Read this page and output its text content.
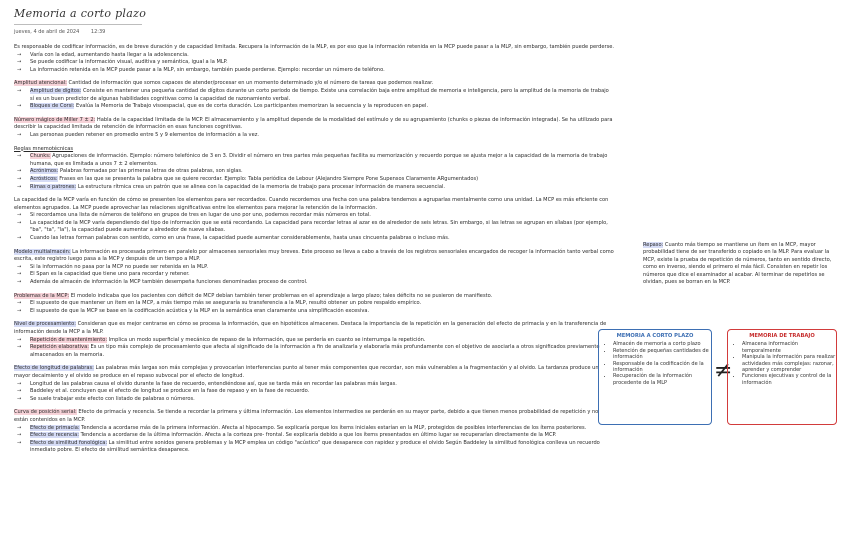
Memoria a corto plazo
jueves, 4 de abril de 2024 12:39
Es responsable de codificar información, es de breve duración y de capacidad limitada. Recupera la información de la MLP, es por eso que la información retenida en la MCP puede pasar a la MLP, sin embargo, también puede perderse.
→ Varía con la edad, aumentando hasta llegar a la adolescencia.
→ Se puede codificar la información visual, auditiva y semántica, igual a la MLP.
→ La información retenida en la MCP puede pasar a la MLP, sin embargo, también puede perderse. Ejemplo: recordar un número de teléfono.
Amplitud atencional: Cantidad de información que somos capaces de atender/procesar en un momento determinado y/o el número de tareas que podemos realizar.
→ Amplitud de dígitos: Consiste en mantener una pequeña cantidad de dígitos durante un corto periodo de tiempo. Existe una correlación baja entre amplitud de memoria e inteligencia, pero la amplitud de la memoria de trabajo sí es un buen predictor de algunas habilidades cognitivas como la capacidad de razonamiento verbal.
→ Bloques de Corsi: Evalúa la Memoria de Trabajo visoespacial, que es de corta duración. Los participantes memorizan la secuencia y la reproducen en papel.
Número mágico de Miller 7 ± 2: Habla de la capacidad limitada de la MCP. El almacenamiento y la amplitud depende de la modalidad del estímulo y de su agrupamiento (chunks o piezas de información integrada). Se ha utilizado para describir la capacidad limitada de retención de información en esas funciones cognitivas.
→ Las personas pueden retener en promedio entre 5 y 9 elementos de información a la vez.
Reglas mnemotécnicas
→ Chunks: Agrupaciones de información. Ejemplo: número telefónico de 3 en 3. Dividir el número en tres partes más pequeñas facilita su memorización y recuerdo porque se ajusta mejor a la capacidad de la memoria de trabajo humana, que es limitada a unos 7 ± 2 elementos.
→ Acrónimos: Palabras formadas por las primeras letras de otras palabras, son siglas.
→ Acrósticos: Frases en las que se presenta la palabra que se quiere recordar. Ejemplo: Tabla periódica de Lebour (Alejandro Siempre Pone Supensos Claramente ARgumentados)
→ Rimas o patrones: La estructura rítmica crea un patrón que se alinea con la capacidad de la memoria de trabajo para procesar información de manera secuencial.
La capacidad de la MCP varía en función de cómo se presenten los elementos para ser recordados. Cuando recordemos una fecha con una palabra tendemos a agruparlas mentalmente como una unidad. La MCP es más eficiente con elementos agrupados. La MCP puede aprovechar las relaciones significativas entre los elementos para mejorar la retención de la información.
→ Si recordamos una lista de números de teléfono en grupos de tres en lugar de uno por uno, podemos recordar más números en total.
→ La capacidad de la MCP varía dependiendo del tipo de información que se está recordando. La capacidad para recordar letras al azar es de alrededor de seis letras. Sin embargo, si las letras se agrupan en sílabas (por ejemplo, "ba", "ta", "la"), la capacidad puede aumentar a alrededor de nueve sílabas.
→ Cuando las letras forman palabras con sentido, como en una frase, la capacidad puede aumentar considerablemente, hasta unas cincuenta palabras o incluso más.
Modelo multialmacén: La información es procesada primero en paralelo por almacenes sensoriales muy breves. Este proceso se lleva a cabo a través de los registros sensoriales encargados de recoger la información tanto verbal como escrita, este registro luego pasa a la MCP y después de un tiempo a MLP.
→ Si la información no pasa por la MCP no puede ser retenida en la MLP.
→ El Span es la capacidad que tiene uno para recordar y retener.
→ Además de almacén de información la MCP también desempeña funciones denominadas proceso de control.
Problemas de la MCP: El modelo indicaba que los pacientes con déficit de MCP debían también tener problemas en el aprendizaje a largo plazo; tales déficits no se pusieron de manifiesto.
→ El supuesto de que mantener un ítem en la MCP, a más tiempo más se aseguraría su transferencia a la MLP, resultó obtener un pobre respaldo empírico.
→ El supuesto de que la MCP se base en la codificación acústica y la MLP en la semántica eran claramente una simplificación excesiva.
Nivel de procesamiento: Consideran que es mejor centrarse en cómo se procesa la información, que en hipotéticos almacenes. Destaca la importancia de la repetición en la generación del efecto de primacía y en la transferencia de información desde la MCP a la MLP.
→ Repetición de mantenimiento: Implica un modo superficial y mecánico de repaso de la información, que se perdería en cuanto se interrumpa la repetición.
→ Repetición elaborativa: Es un tipo más complejo de procesamiento que afecta al significado de la información a fin de analizarla y elaborarla más profundamente con el objetivo de asociarla a otros significados previamente almacenados en la memoria.
Efecto de longitud de palabras: Las palabras más largas son más complejas y provocarían interferencias punto al tener más componentes que recordar, son más vulnerables a la fragmentación y al olvido. La tardanza produce un mayor decaimiento y el olvido se produce en el repaso subvocal por el efecto de longitud.
→ Longitud de las palabras causa el olvido durante la fase de recuerdo, entendiéndose así, que se tarda más en recordar las palabras más largas.
→ Baddeley et al. concluyen que el efecto de longitud se produce en la fase de repaso y en la fase de recuerdo.
→ Se suele trabajar este efecto con listado de palabras o números.
Curva de posición serial: Efecto de primacía y recencia. Se tiende a recordar la primera y última información. Los elementos intermedios se perderán en su mayor parte, debido a que tienen menos probabilidad de repetición y no están contenidos en la MCP.
→ Efecto de primacía: Tendencia a acordarse más de la primera información. Afecta al hipocampo. Se explicaría porque los ítems iniciales estarían en la MLP, protegidos de posibles interferencias de los ítems posteriores.
→ Efecto de recencia: Tendencia a acordarse de la última información. Afecta a la corteza pre- frontal. Se explicaría debido a que los ítems presentados en último lugar se recuperarían directamente de la MCP.
→ Efecto de similitud fonológica: La similitud entre sonidos genera problemas y la MCP emplea un código "acústico" que desaparece con rapidez y produce el olvido Según Baddeley la similitud fonológica conlleva un recuerdo inmediato pobre. El efecto de similitud semántica desaparece.
Repaso: Cuanto más tiempo se mantiene un ítem en la MCP, mayor probabilidad tiene de ser transferido o copiado en la MLP. Para evaluar la MCP, existe la prueba de repetición de números, tanto en sentido directo, como en inverso, siendo el primero el más fácil. Consisten en repetir los números que dice el examinador al acabar. Al terminar de repetirlos se olvidan, pues se borran en la MCP.
MEMORIA A CORTO PLAZO
• Almacén de memoria a corto plazo
• Retención de pequeñas cantidades de información
• Responsable de la codificación de la información
• Recuperación de la información procedente de la MLP	≠
MEMORIA DE TRABAJO
• Almacena información temporalmente
• Manipula la información para realizar actividades más complejas: razonar, aprender y comprender
• Funciones ejecutivas y control de la información
